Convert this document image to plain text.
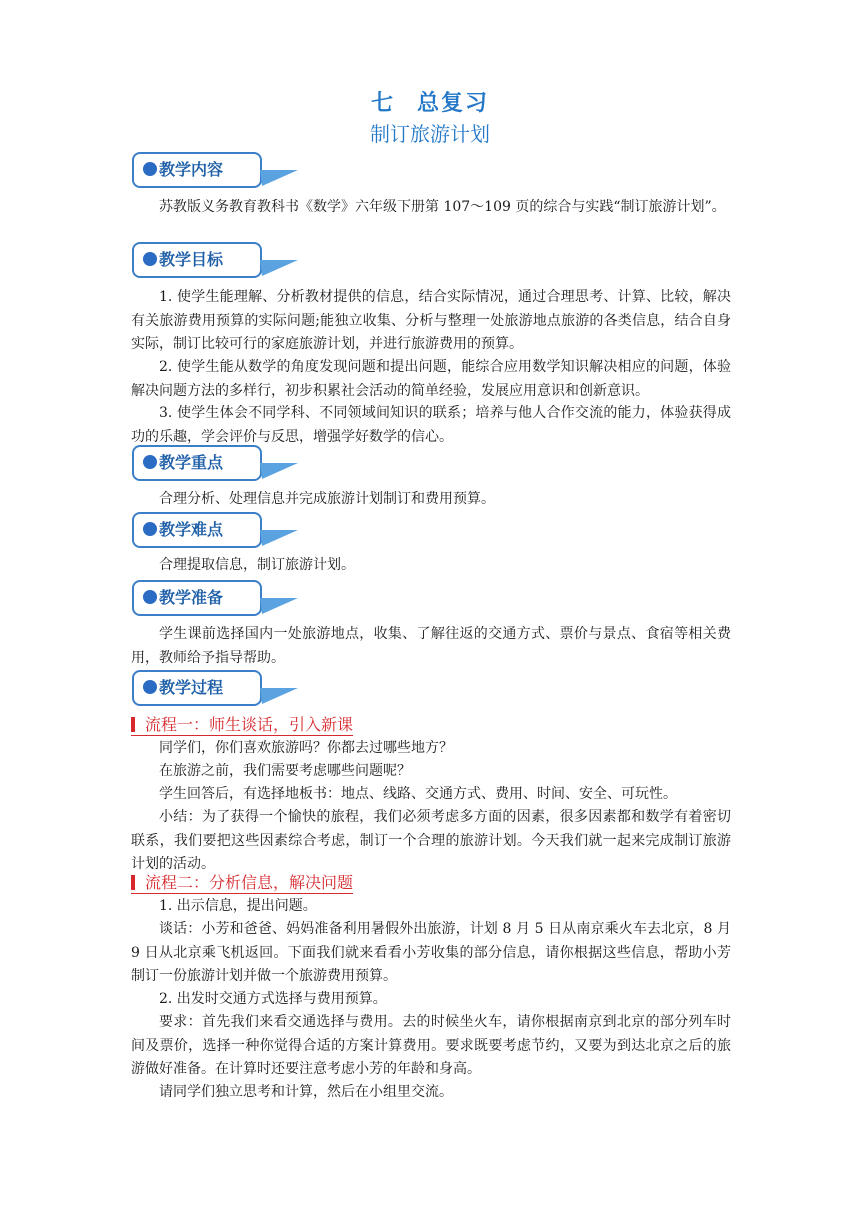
七 总复习
制订旅游计划
教学内容
苏教版义务教育教科书《数学》六年级下册第 107～109 页的综合与实践“制订旅游计划”。
教学目标
1. 使学生能理解、分析教材提供的信息，结合实际情况，通过合理思考、计算、比较，解决有关旅游费用预算的实际问题;能独立收集、分析与整理一处旅游地点旅游的各类信息，结合自身实际，制订比较可行的家庭旅游计划，并进行旅游费用的预算。
2. 使学生能从数学的角度发现问题和提出问题，能综合应用数学知识解决相应的问题，体验解决问题方法的多样行，初步积累社会活动的简单经验，发展应用意识和创新意识。
3. 使学生体会不同学科、不同领域间知识的联系；培养与他人合作交流的能力，体验获得成功的乐趣，学会评价与反思，增强学好数学的信心。
教学重点
合理分析、处理信息并完成旅游计划制订和费用预算。
教学难点
合理提取信息，制订旅游计划。
教学准备
学生课前选择国内一处旅游地点，收集、了解往返的交通方式、票价与景点、食宿等相关费用，教师给予指导帮助。
教学过程
流程一：师生谈话，引入新课
同学们，你们喜欢旅游吗？你都去过哪些地方？
在旅游之前，我们需要考虑哪些问题呢？
学生回答后，有选择地板书：地点、线路、交通方式、费用、时间、安全、可玩性。
小结：为了获得一个愉快的旅程，我们必须考虑多方面的因素，很多因素都和数学有着密切联系，我们要把这些因素综合考虑，制订一个合理的旅游计划。今天我们就一起来完成制订旅游计划的活动。
流程二：分析信息，解决问题
1. 出示信息，提出问题。
谈话：小芳和爸爸、妈妈准备利用暑假外出旅游，计划 8 月 5 日从南京乘火车去北京，8 月 9 日从北京乘飞机返回。下面我们就来看看小芳收集的部分信息，请你根据这些信息，帮助小芳制订一份旅游计划并做一个旅游费用预算。
2. 出发时交通方式选择与费用预算。
要求：首先我们来看交通选择与费用。去的时候坐火车，请你根据南京到北京的部分列车时间及票价，选择一种你觉得合适的方案计算费用。要求既要考虑节约，又要为到达北京之后的旅游做好准备。在计算时还要注意考虑小芳的年龄和身高。
请同学们独立思考和计算，然后在小组里交流。
